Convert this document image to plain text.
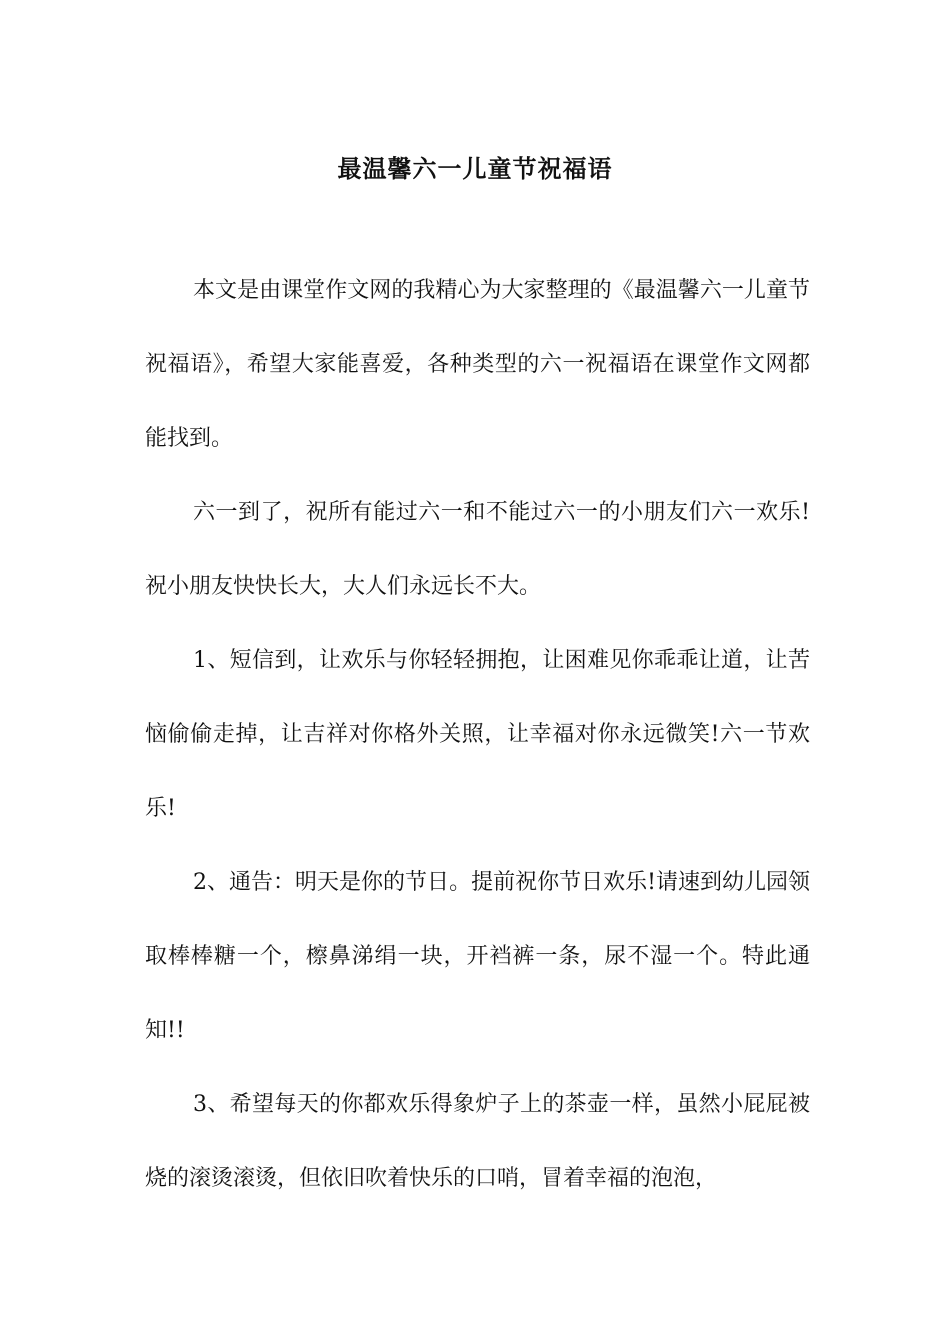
最温馨六一儿童节祝福语

本文是由课堂作文网的我精心为大家整理的《最温馨六一儿童节祝福语》，希望大家能喜爱，各种类型的六一祝福语在课堂作文网都能找到。

六一到了，祝所有能过六一和不能过六一的小朋友们六一欢乐!祝小朋友快快长大，大人们永远长不大。

1、短信到，让欢乐与你轻轻拥抱，让困难见你乖乖让道，让苦恼偷偷走掉，让吉祥对你格外关照，让幸福对你永远微笑!六一节欢乐!

2、通告：明天是你的节日。提前祝你节日欢乐!请速到幼儿园领取棒棒糖一个，檫鼻涕绢一块，开裆裤一条，尿不湿一个。特此通知!!

3、希望每天的你都欢乐得象炉子上的茶壶一样，虽然小屁屁被烧的滚烫滚烫，但依旧吹着快乐的口哨，冒着幸福的泡泡，
